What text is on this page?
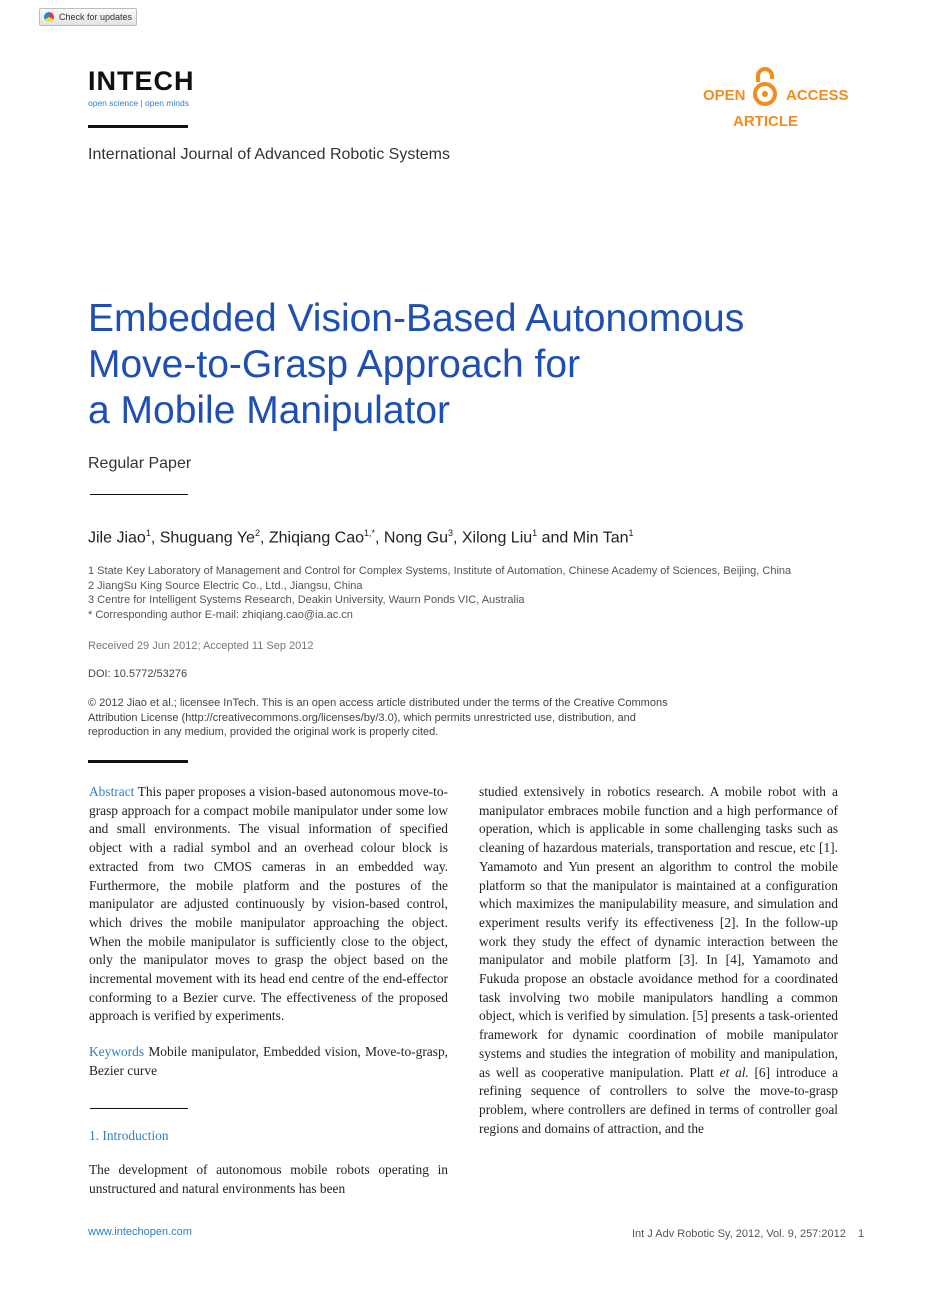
Check for updates
INTECH
open science | open minds	OPEN	ACCESS
ARTICLE
International Journal of Advanced Robotic Systems
Embedded Vision-Based Autonomous
Move-to-Grasp Approach for
a Mobile Manipulator
Regular Paper
Jile Jiao$^1$, Shuguang Ye$^2$, Zhiqiang Cao$^{1,*}$, Nong Gu$^3$, Xilong Liu$^1$ and Min Tan$^1$
1 State Key Laboratory of Management and Control for Complex Systems, Institute of Automation, Chinese Academy of Sciences, Beijing, China
2 JiangSu King Source Electric Co., Ltd., Jiangsu, China
3 Centre for Intelligent Systems Research, Deakin University, Waurn Ponds VIC, Australia
* Corresponding author E-mail: zhiqiang.cao@ia.ac.cn
Received 29 Jun 2012; Accepted 11 Sep 2012
DOI: 10.5772/53276
© 2012 Jiao et al.; licensee InTech. This is an open access article distributed under the terms of the Creative Commons Attribution License (http://creativecommons.org/licenses/by/3.0), which permits unrestricted use, distribution, and reproduction in any medium, provided the original work is properly cited.
Abstract This paper proposes a vision-based autonomous move-to-grasp approach for a compact mobile manipulator under some low and small environments. The visual information of specified object with a radial symbol and an overhead colour block is extracted from two CMOS cameras in an embedded way. Furthermore, the mobile platform and the postures of the manipulator are adjusted continuously by vision-based control, which drives the mobile manipulator approaching the object. When the mobile manipulator is sufficiently close to the object, only the manipulator moves to grasp the object based on the incremental movement with its head end centre of the end-effector conforming to a Bezier curve. The effectiveness of the proposed approach is verified by experiments.
Keywords Mobile manipulator, Embedded vision, Move-to-grasp, Bezier curve
1. Introduction
The development of autonomous mobile robots operating in unstructured and natural environments has been
studied extensively in robotics research. A mobile robot with a manipulator embraces mobile function and a high performance of operation, which is applicable in some challenging tasks such as cleaning of hazardous materials, transportation and rescue, etc [1]. Yamamoto and Yun present an algorithm to control the mobile platform so that the manipulator is maintained at a configuration which maximizes the manipulability measure, and simulation and experiment results verify its effectiveness [2]. In the follow-up work they study the effect of dynamic interaction between the manipulator and mobile platform [3]. In [4], Yamamoto and Fukuda propose an obstacle avoidance method for a coordinated task involving two mobile manipulators handling a common object, which is verified by simulation. [5] presents a task-oriented framework for dynamic coordination of mobile manipulator systems and studies the integration of mobility and manipulation, as well as cooperative manipulation. Platt et al. [6] introduce a refining sequence of controllers to solve the move-to-grasp problem, where controllers are defined in terms of controller goal regions and domains of attraction, and the
www.intechopen.com	Int J Adv Robotic Sy, 2012, Vol. 9, 257:2012 1
